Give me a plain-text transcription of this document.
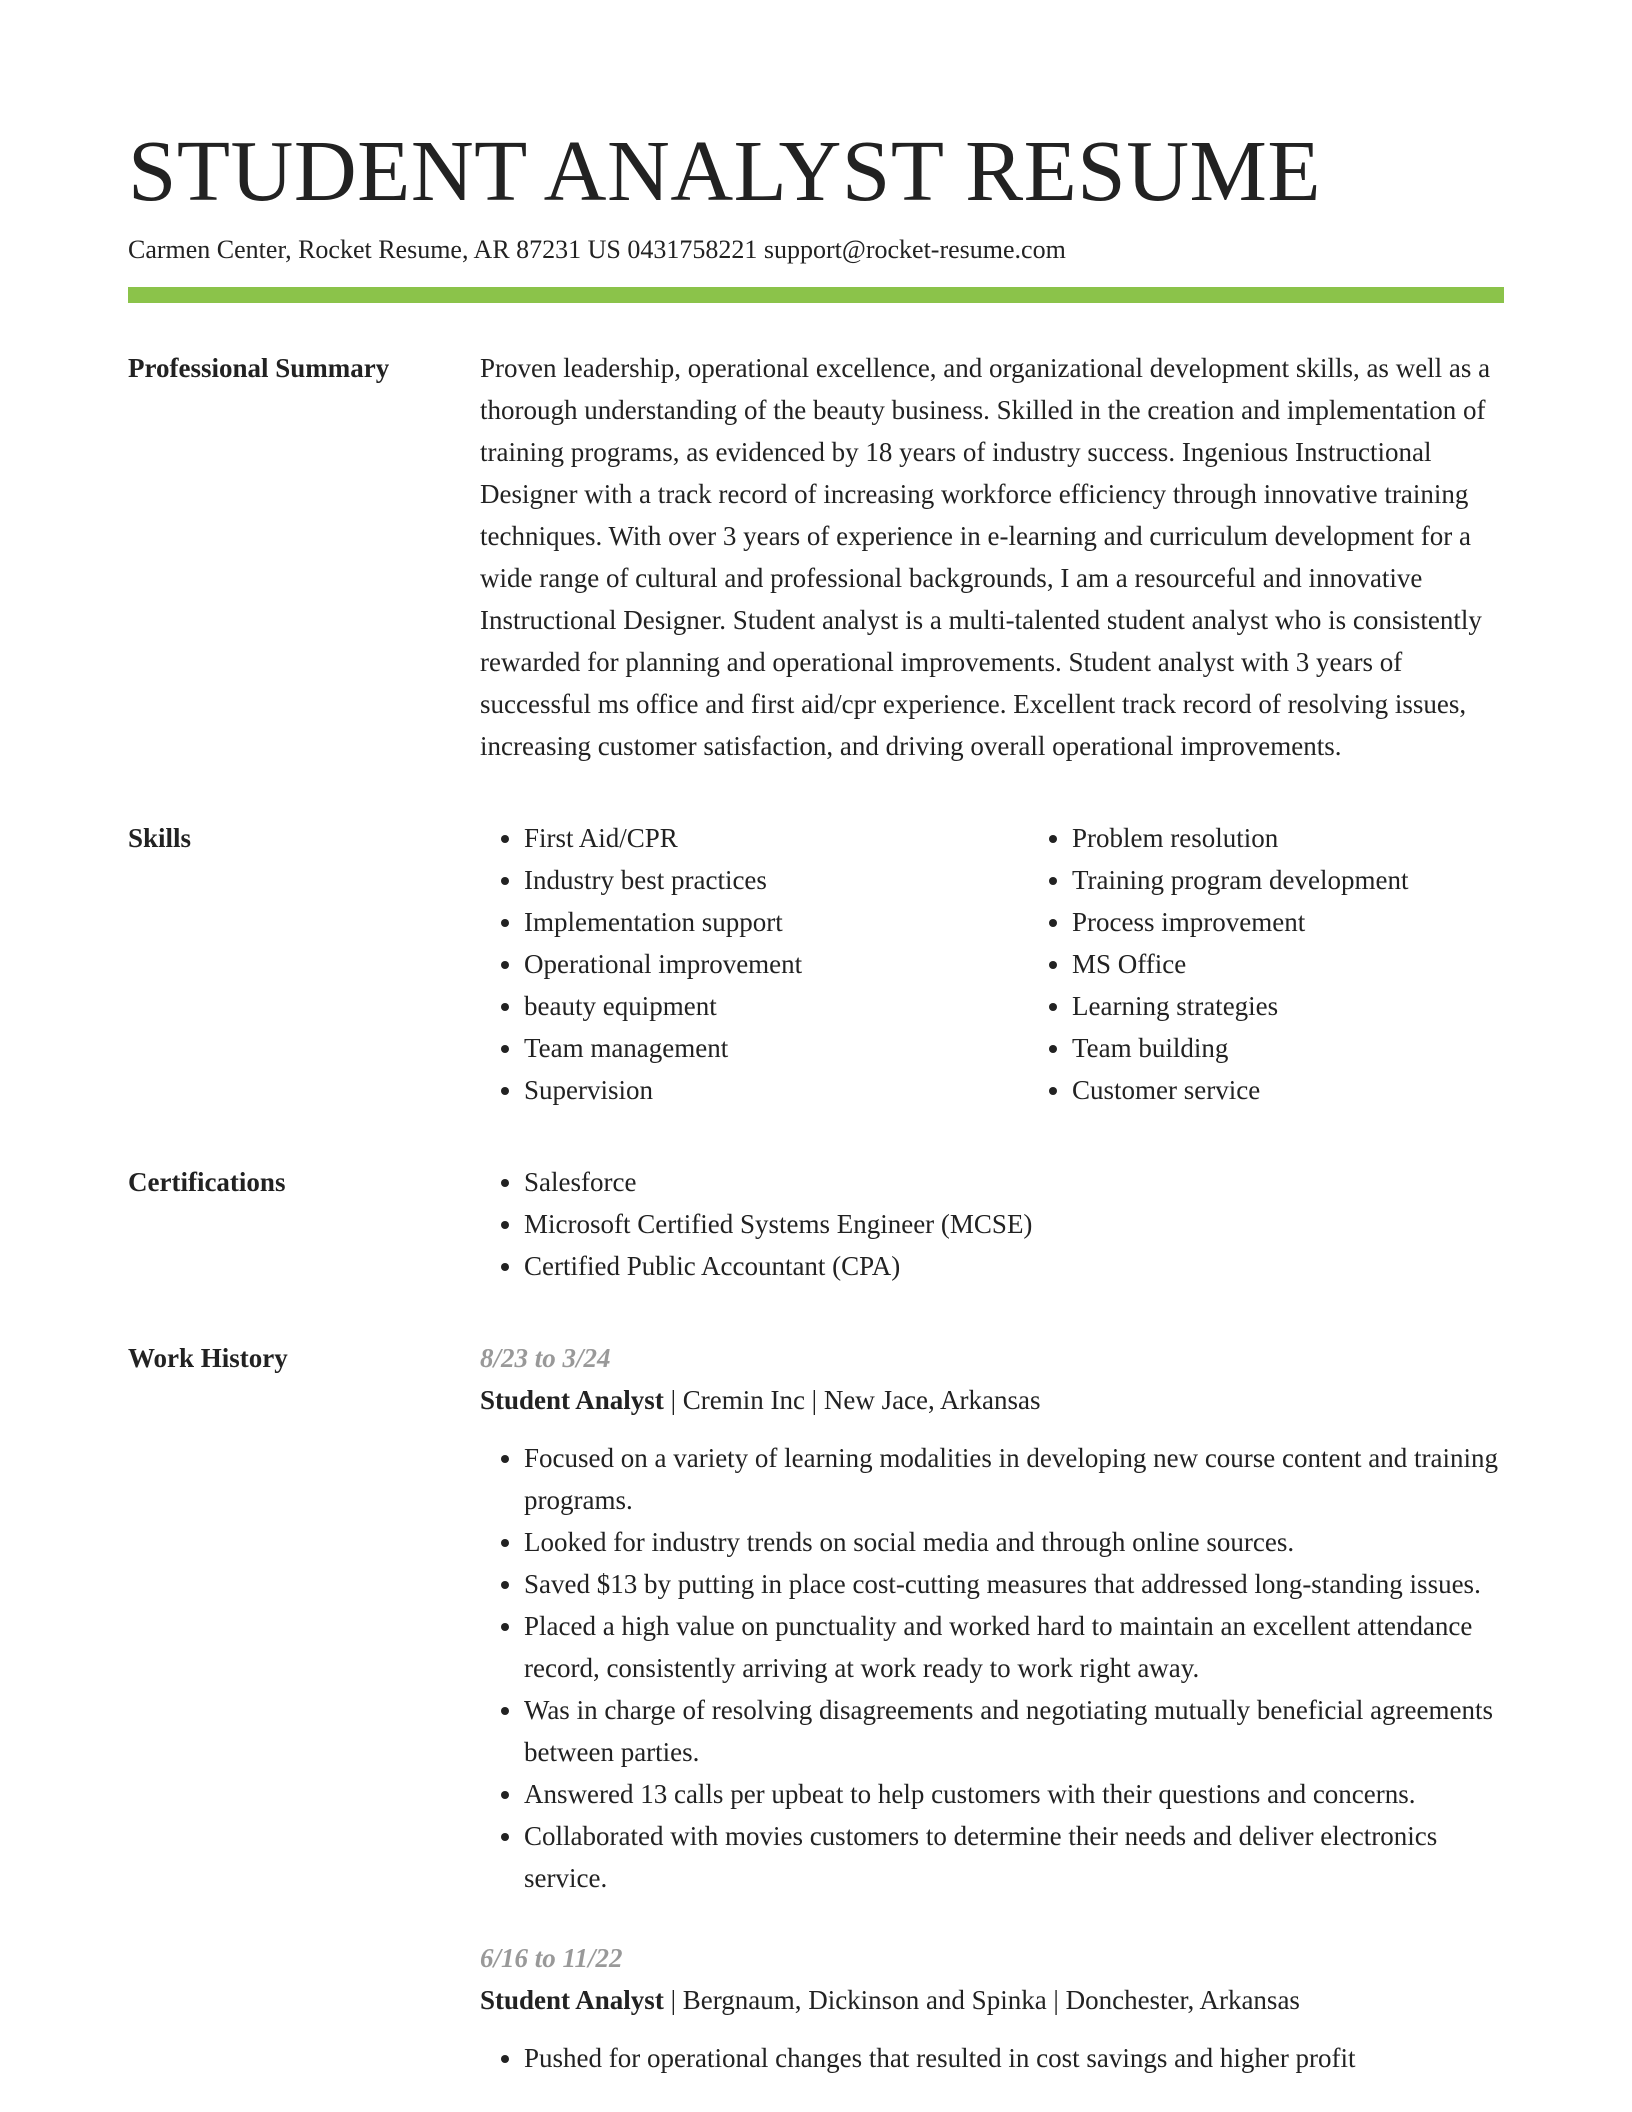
STUDENT ANALYST RESUME
Carmen Center, Rocket Resume, AR 87231 US 0431758221 support@rocket-resume.com
Professional Summary	Proven leadership, operational excellence, and organizational development skills, as well as a thorough understanding of the beauty business. Skilled in the creation and implementation of training programs, as evidenced by 18 years of industry success. Ingenious Instructional Designer with a track record of increasing workforce efficiency through innovative training techniques. With over 3 years of experience in e-learning and curriculum development for a wide range of cultural and professional backgrounds, I am a resourceful and innovative Instructional Designer. Student analyst is a multi-talented student analyst who is consistently rewarded for planning and operational improvements. Student analyst with 3 years of successful ms office and first aid/cpr experience. Excellent track record of resolving issues, increasing customer satisfaction, and driving overall operational improvements.

Skills	• First Aid/CPR
• Industry best practices
• Implementation support
• Operational improvement
• beauty equipment
• Team management
• Supervision
• Problem resolution
• Training program development
• Process improvement
• MS Office
• Learning strategies
• Team building
• Customer service
Certifications	• Salesforce
• Microsoft Certified Systems Engineer (MCSE)
• Certified Public Accountant (CPA)
Work History	8/23 to 3/24
Student Analyst | Cremin Inc | New Jace, Arkansas
• Focused on a variety of learning modalities in developing new course content and training programs.
• Looked for industry trends on social media and through online sources.
• Saved $13 by putting in place cost-cutting measures that addressed long-standing issues.
• Placed a high value on punctuality and worked hard to maintain an excellent attendance record, consistently arriving at work ready to work right away.
• Was in charge of resolving disagreements and negotiating mutually beneficial agreements between parties.
• Answered 13 calls per upbeat to help customers with their questions and concerns.
• Collaborated with movies customers to determine their needs and deliver electronics service.
6/16 to 11/22
Student Analyst | Bergnaum, Dickinson and Spinka | Donchester, Arkansas
• Pushed for operational changes that resulted in cost savings and higher profit
